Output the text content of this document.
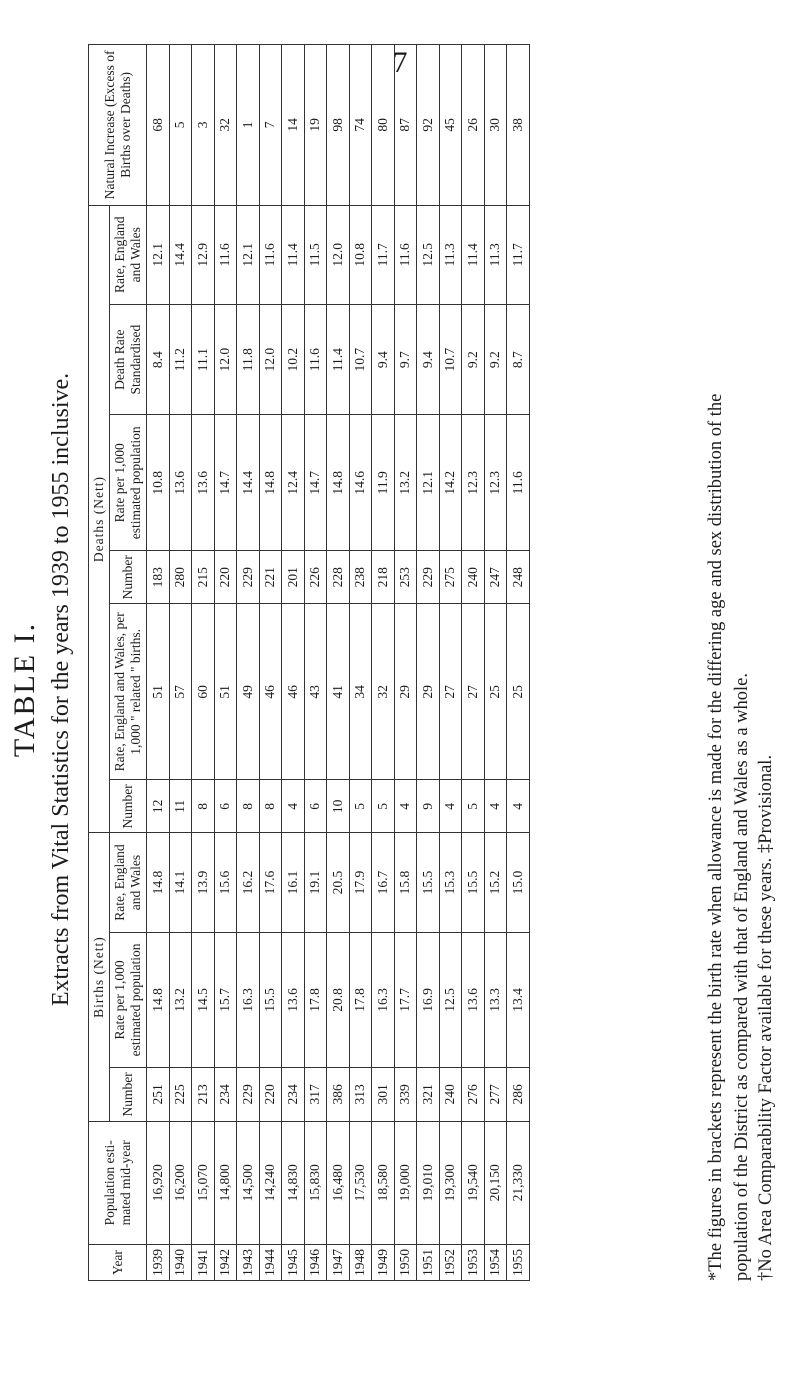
7
TABLE I. Extracts from Vital Statistics for the years 1939 to 1955 inclusive.
Year	Population esti-mated mid-year	Births (Nett)			Deaths (Nett)						Natural Increase (Excess of Births over Deaths)
		Number	Rate per 1,000 estimated population	Rate, England and Wales	Number	Rate, England and Wales, per 1,000 " related " births.	Number	Rate per 1,000 estimated population	Death Rate Standardised	Rate, England and Wales	
1939	16,920	251	14.8	14.8	12	51	183	10.8	8.4	12.1	68
1940	16,200	225	13.2	14.1	11	57	280	13.6	11.2	14.4	5
1941	15,070	213	14.5	13.9	8	60	215	13.6	11.1	12.9	3
1942	14,800	234	15.7	15.6	6	51	220	14.7	12.0	11.6	32
1943	14,500	229	16.3	16.2	8	49	229	14.4	11.8	12.1	1
1944	14,240	220	15.5	17.6	8	46	221	14.8	12.0	11.6	7
1945	14,830	234	13.6	16.1	4	46	201	12.4	10.2	11.4	14
1946	15,830	317	17.8	19.1	6	43	226	14.7	11.6	11.5	19
1947	16,480	386	20.8	20.5	10	41	228	14.8	11.4	12.0	98
1948	17,530	313	17.8	17.9	5	34	238	14.6	10.7	10.8	74
1949	18,580	301	16.3	16.7	5	32	218	11.9	9.4	11.7	80
1950	19,000	339	17.7	15.8	4	29	253	13.2	9.7	11.6	87
1951	19,010	321	16.9	15.5	9	29	229	12.1	9.4	12.5	92
1952	19,300	240	12.5	15.3	4	27	275	14.2	10.7	11.3	45
1953	19,540	276	13.6	15.5	5	27	240	12.3	9.2	11.4	26
1954	20,150	277	13.3	15.2	4	25	247	12.3	9.2	11.3	30
1955	21,330	286	13.4	15.0	4	25	248	11.6	8.7	11.7	38
*The figures in brackets represent the birth rate when allowance is made for the differing age and sex distribution of the population of the District as compared with that of England and Wales as a whole. †No Area Comparability Factor available for these years. ‡Provisional.
